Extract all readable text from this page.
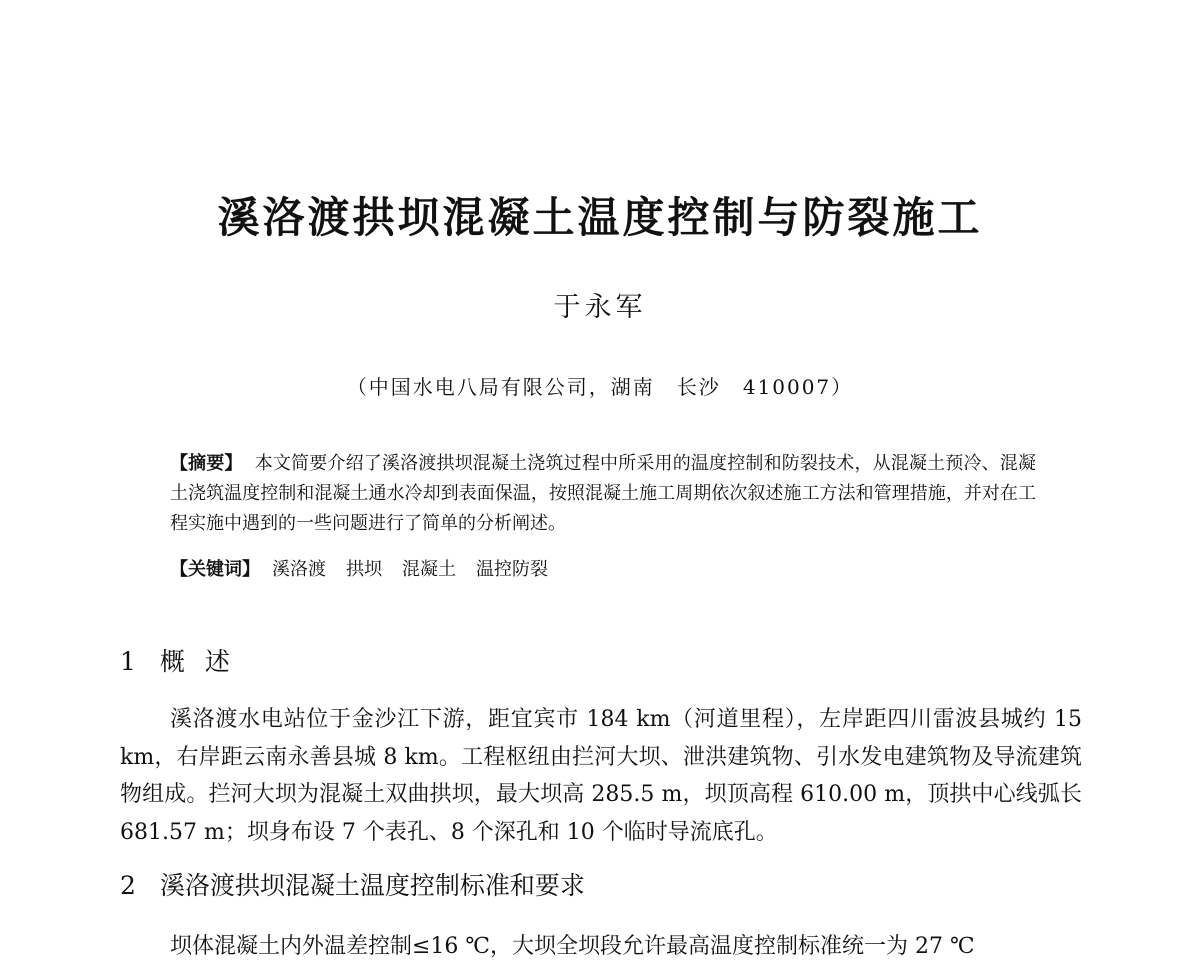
溪洛渡拱坝混凝土温度控制与防裂施工

于永军

（中国水电八局有限公司，湖南 长沙 410007）

【摘要】 本文简要介绍了溪洛渡拱坝混凝土浇筑过程中所采用的温度控制和防裂技术，从混凝土预冷、混凝土浇筑温度控制和混凝土通水冷却到表面保温，按照混凝土施工周期依次叙述施工方法和管理措施，并对在工程实施中遇到的一些问题进行了简单的分析阐述。

【关键词】 溪洛渡 拱坝 混凝土 温控防裂

1 概述

溪洛渡水电站位于金沙江下游，距宜宾市 184 km（河道里程），左岸距四川雷波县城约 15 km，右岸距云南永善县城 8 km。工程枢纽由拦河大坝、泄洪建筑物、引水发电建筑物及导流建筑物组成。拦河大坝为混凝土双曲拱坝，最大坝高 285.5 m，坝顶高程 610.00 m，顶拱中心线弧长 681.57 m；坝身布设 7 个表孔、8 个深孔和 10 个临时导流底孔。

2 溪洛渡拱坝混凝土温度控制标准和要求

坝体混凝土内外温差控制≤16 ℃，大坝全坝段允许最高温度控制标准统一为 27 ℃
